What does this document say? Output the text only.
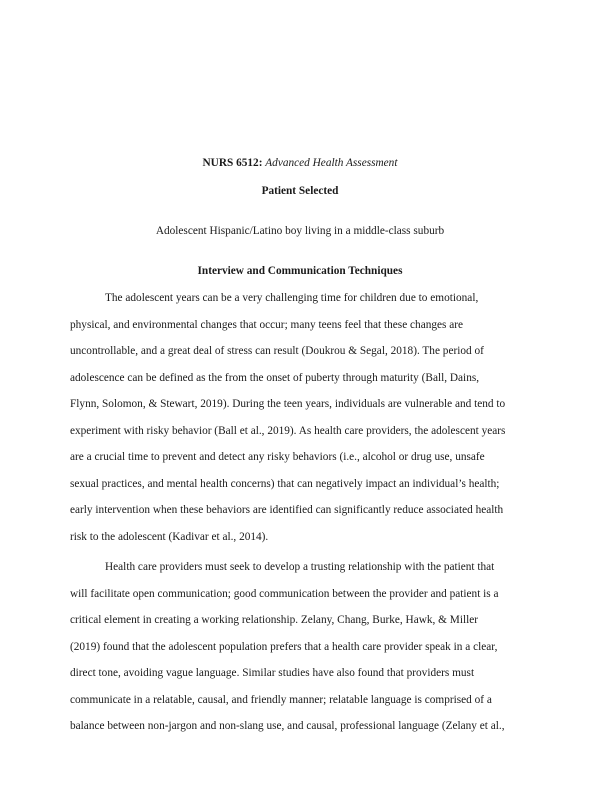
NURS 6512: Advanced Health Assessment
Patient Selected
Adolescent Hispanic/Latino boy living in a middle-class suburb
Interview and Communication Techniques
The adolescent years can be a very challenging time for children due to emotional,
physical, and environmental changes that occur; many teens feel that these changes are
uncontrollable, and a great deal of stress can result (Doukrou & Segal, 2018). The period of
adolescence can be defined as the from the onset of puberty through maturity (Ball, Dains,
Flynn, Solomon, & Stewart, 2019). During the teen years, individuals are vulnerable and tend to
experiment with risky behavior (Ball et al., 2019). As health care providers, the adolescent years
are a crucial time to prevent and detect any risky behaviors (i.e., alcohol or drug use, unsafe
sexual practices, and mental health concerns) that can negatively impact an individual’s health;
early intervention when these behaviors are identified can significantly reduce associated health
risk to the adolescent (Kadivar et al., 2014).
Health care providers must seek to develop a trusting relationship with the patient that
will facilitate open communication; good communication between the provider and patient is a
critical element in creating a working relationship. Zelany, Chang, Burke, Hawk, & Miller
(2019) found that the adolescent population prefers that a health care provider speak in a clear,
direct tone, avoiding vague language. Similar studies have also found that providers must
communicate in a relatable, causal, and friendly manner; relatable language is comprised of a
balance between non-jargon and non-slang use, and causal, professional language (Zelany et al.,
